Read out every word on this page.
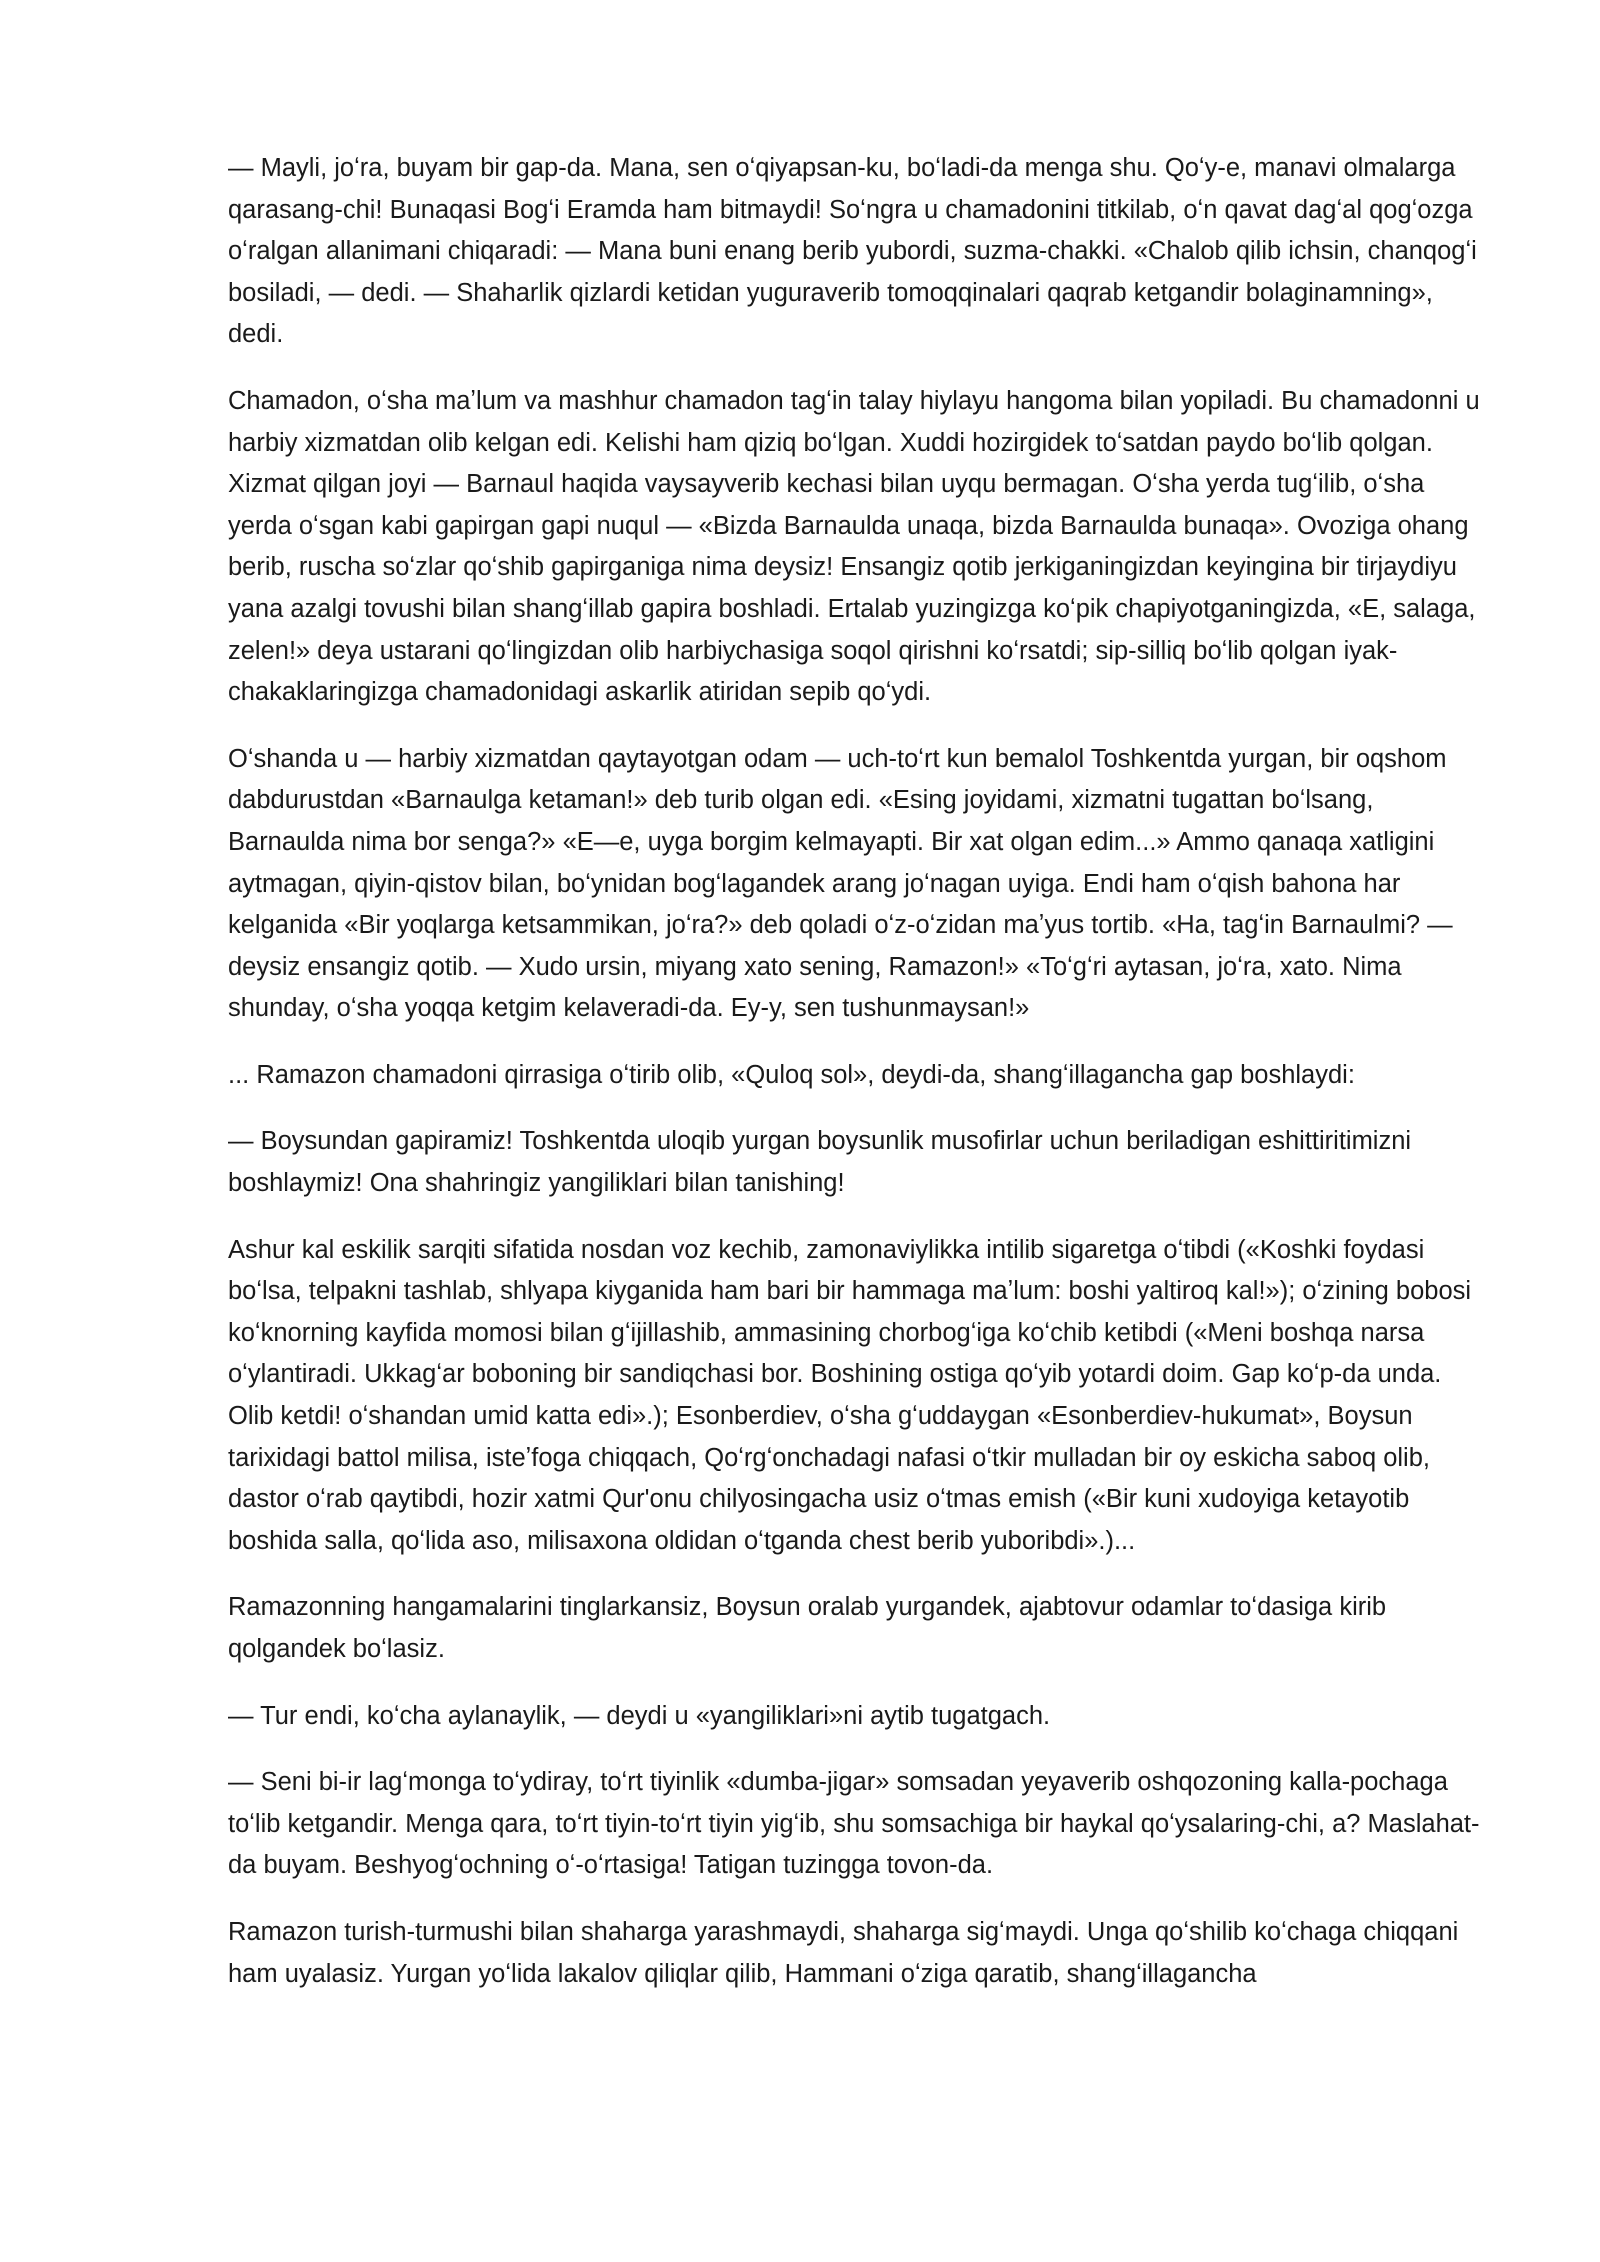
— Mayli, joʻra, buyam bir gap-da. Mana, sen oʻqiyapsan-ku, boʻladi-da menga shu. Qoʻy-e, manavi olmalarga qarasang-chi! Bunaqasi Bogʻi Eramda ham bitmaydi! Soʻngra u chamadonini titkilab, oʻn qavat dagʻal qogʻozga oʻralgan allanimani chiqaradi: — Mana buni enang berib yubordi, suzma-chakki. «Chalob qilib ichsin, chanqogʻi bosiladi, — dedi. — Shaharlik qizlardi ketidan yuguraverib tomoqqinalari qaqrab ketgandir bolaginamning», dedi.

Chamadon, oʻsha maʼlum va mashhur chamadon tagʻin talay hiylayu hangoma bilan yopiladi. Bu chamadonni u harbiy xizmatdan olib kelgan edi. Kelishi ham qiziq boʻlgan. Xuddi hozirgidek toʻsatdan paydo boʻlib qolgan. Xizmat qilgan joyi — Barnaul haqida vaysayverib kechasi bilan uyqu bermagan. Oʻsha yerda tugʻilib, oʻsha yerda oʻsgan kabi gapirgan gapi nuqul — «Bizda Barnaulda unaqa, bizda Barnaulda bunaqa». Ovoziga ohang berib, ruscha soʻzlar qoʻshib gapirganiga nima deysiz! Ensangiz qotib jerkiganingizdan keyingina bir tirjaydiyu yana azalgi tovushi bilan shangʻillab gapira boshladi. Ertalab yuzingizga koʻpik chapiyotganingizda, «E, salaga, zelen!» deya ustarani qoʻlingizdan olib harbiychasiga soqol qirishni koʻrsatdi; sip-silliq boʻlib qolgan iyak-chakaklaringizga chamadonidagi askarlik atiridan sepib qoʻydi.

Oʻshanda u — harbiy xizmatdan qaytayotgan odam — uch-toʻrt kun bemalol Toshkentda yurgan, bir oqshom dabdurustdan «Barnaulga ketaman!» deb turib olgan edi. «Esing joyidami, xizmatni tugattan boʻlsang, Barnaulda nima bor senga?» «E—e, uyga borgim kelmayapti. Bir xat olgan edim...» Ammo qanaqa xatligini aytmagan, qiyin-qistov bilan, boʻynidan bogʻlagandek arang joʻnagan uyiga. Endi ham oʻqish bahona har kelganida «Bir yoqlarga ketsammikan, joʻra?» deb qoladi oʻz-oʻzidan maʼyus tortib. «Ha, tagʻin Barnaulmi? — deysiz ensangiz qotib. — Xudo ursin, miyang xato sening, Ramazon!» «Toʻgʻri aytasan, joʻra, xato. Nima shunday, oʻsha yoqqa ketgim kelaveradi-da. Ey-y, sen tushunmaysan!»

... Ramazon chamadoni qirrasiga oʻtirib olib, «Quloq sol», deydi-da, shangʻillagancha gap boshlaydi:

— Boysundan gapiramiz! Toshkentda uloqib yurgan boysunlik musofirlar uchun beriladigan eshittiritimizni boshlaymiz! Ona shahringiz yangiliklari bilan tanishing!

Ashur kal eskilik sarqiti sifatida nosdan voz kechib, zamonaviylikka intilib sigaretga oʻtibdi («Koshki foydasi boʻlsa, telpakni tashlab, shlyapa kiyganida ham bari bir hammaga maʼlum: boshi yaltiroq kal!»); oʻzining bobosi koʻknorning kayfida momosi bilan gʻijillashib, ammasining chorbogʻiga koʻchib ketibdi («Meni boshqa narsa oʻylantiradi. Ukkagʻar boboning bir sandiqchasi bor. Boshining ostiga qoʻyib yotardi doim. Gap koʻp-da unda. Olib ketdi! oʻshandan umid katta edi».); Esonberdiev, oʻsha gʻuddaygan «Esonberdiev-hukumat», Boysun tarixidagi battol milisa, isteʼfoga chiqqach, Qoʻrgʻonchadagi nafasi oʻtkir mulladan bir oy eskicha saboq olib, dastor oʻrab qaytibdi, hozir xatmi Qur'onu chilyosingacha usiz oʻtmas emish («Bir kuni xudoyiga ketayotib boshida salla, qoʻlida aso, milisaxona oldidan oʻtganda chest berib yuboribdi».)...

Ramazonning hangamalarini tinglarkansiz, Boysun oralab yurgandek, ajabtovur odamlar toʻdasiga kirib qolgandek boʻlasiz.

— Tur endi, koʻcha aylanaylik, — deydi u «yangiliklari»ni aytib tugatgach.

— Seni bi-ir lagʻmonga toʻydiray, toʻrt tiyinlik «dumba-jigar» somsadan yeyaverib oshqozoning kalla-pochaga toʻlib ketgandir. Menga qara, toʻrt tiyin-toʻrt tiyin yigʻib, shu somsachiga bir haykal qoʻysalaring-chi, a? Maslahat-da buyam. Beshyogʻochning oʻ-oʻrtasiga! Tatigan tuzingga tovon-da.

Ramazon turish-turmushi bilan shaharga yarashmaydi, shaharga sigʻmaydi. Unga qoʻshilib koʻchaga chiqqani ham uyalasiz. Yurgan yoʻlida lakalov qiliqlar qilib, Hammani oʻziga qaratib, shangʻillagancha
